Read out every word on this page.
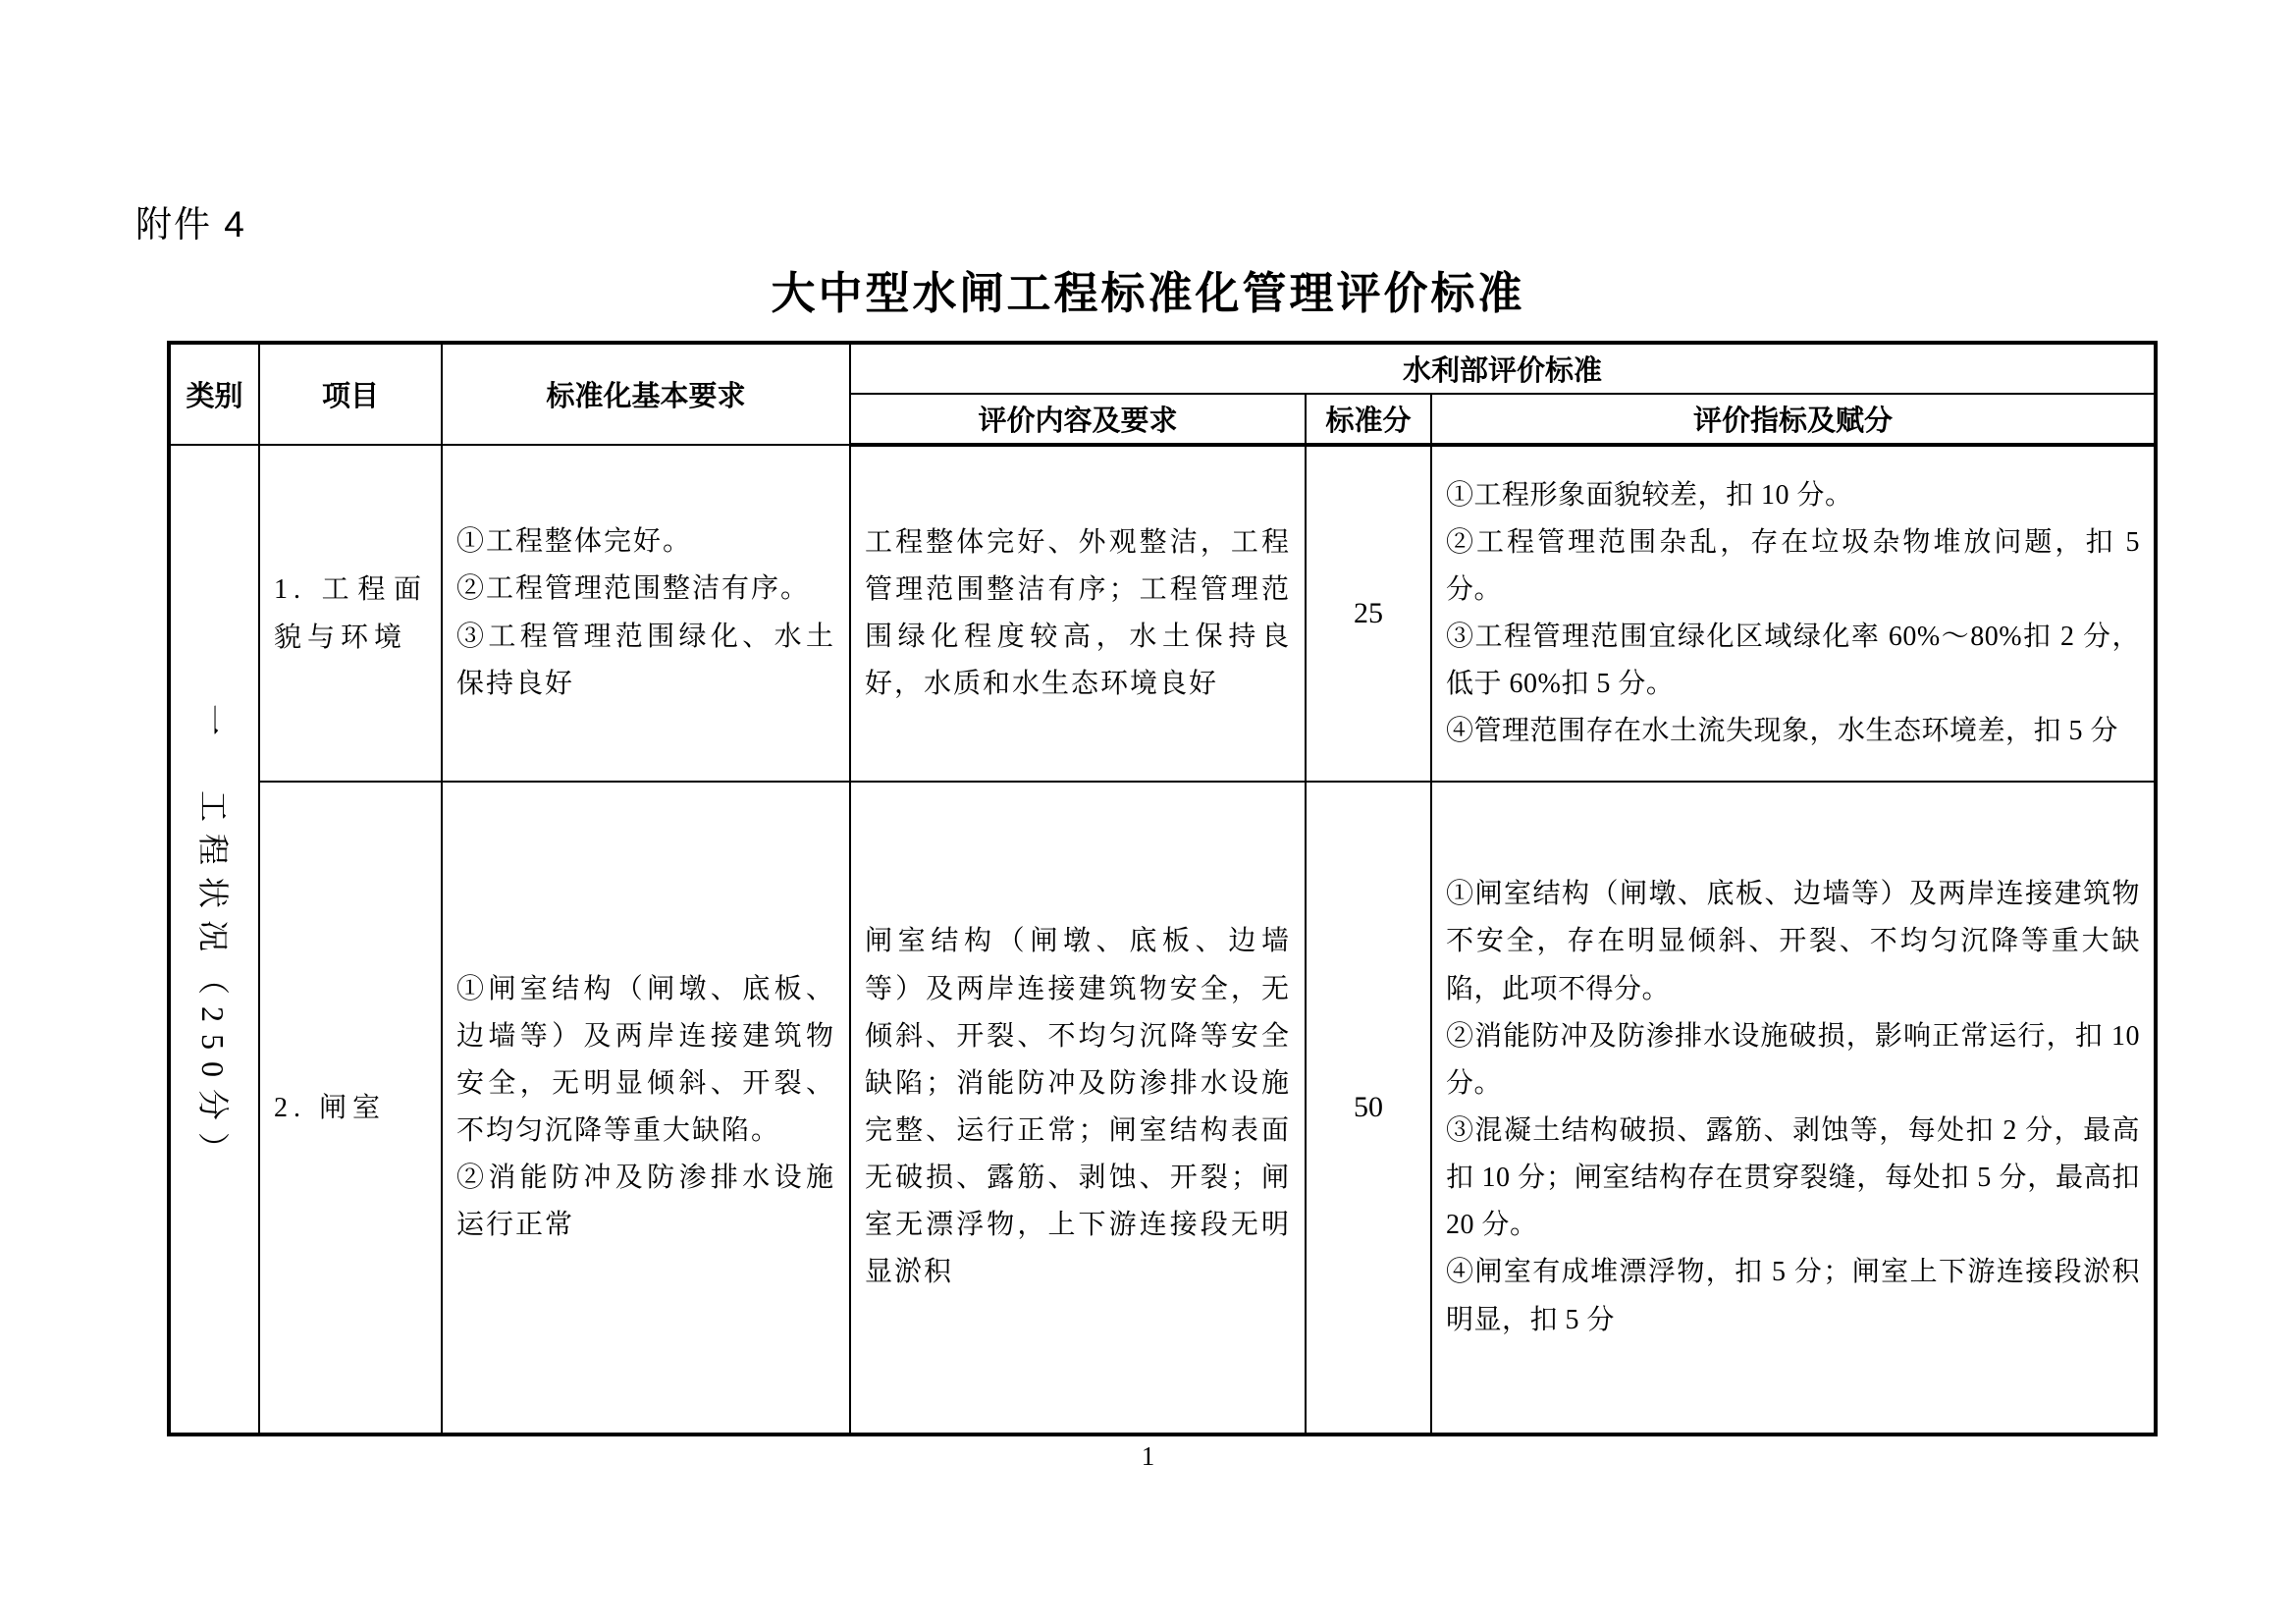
附件 4
大中型水闸工程标准化管理评价标准
类别	项目	标准化基本要求	水利部评价标准		
			评价内容及要求	标准分	评价指标及赋分

一　工程状况（250分）	1. 工程面貌与环境	①工程整体完好。
②工程管理范围整洁有序。
③工程管理范围绿化、水土保持良好	工程整体完好、外观整洁，工程管理范围整洁有序；工程管理范围绿化程度较高，水土保持良好，水质和水生态环境良好	25	①工程形象面貌较差，扣 10 分。
②工程管理范围杂乱，存在垃圾杂物堆放问题，扣 5 分。
③工程管理范围宜绿化区域绿化率 60%～80%扣 2 分，低于 60%扣 5 分。
④管理范围存在水土流失现象，水生态环境差，扣 5 分

	2. 闸室	①闸室结构（闸墩、底板、边墙等）及两岸连接建筑物安全，无明显倾斜、开裂、不均匀沉降等重大缺陷。
②消能防冲及防渗排水设施运行正常	闸室结构（闸墩、底板、边墙等）及两岸连接建筑物安全，无倾斜、开裂、不均匀沉降等安全缺陷；消能防冲及防渗排水设施完整、运行正常；闸室结构表面无破损、露筋、剥蚀、开裂；闸室无漂浮物，上下游连接段无明显淤积	50	①闸室结构（闸墩、底板、边墙等）及两岸连接建筑物不安全，存在明显倾斜、开裂、不均匀沉降等重大缺陷，此项不得分。
②消能防冲及防渗排水设施破损，影响正常运行，扣 10 分。
③混凝土结构破损、露筋、剥蚀等，每处扣 2 分，最高扣 10 分；闸室结构存在贯穿裂缝，每处扣 5 分，最高扣 20 分。
④闸室有成堆漂浮物，扣 5 分；闸室上下游连接段淤积明显，扣 5 分
1
